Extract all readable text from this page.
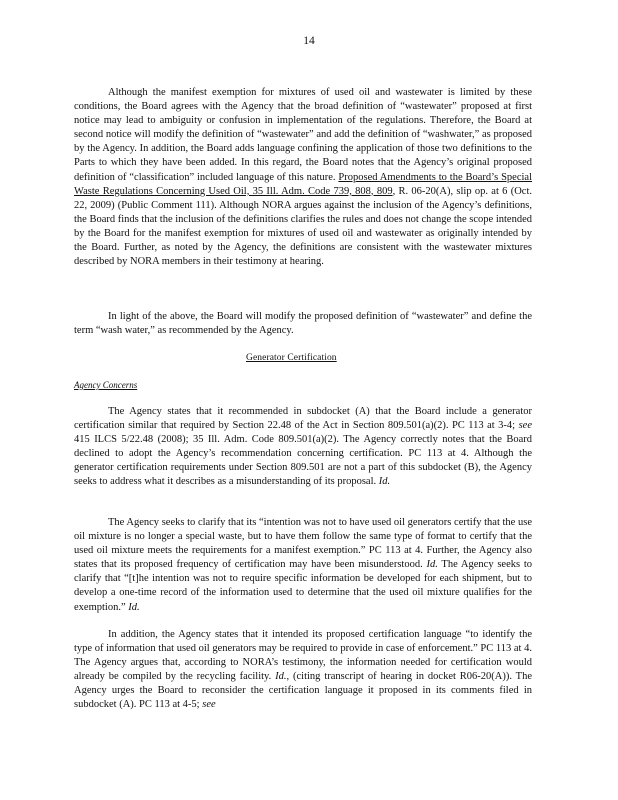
14
Although the manifest exemption for mixtures of used oil and wastewater is limited by these conditions, the Board agrees with the Agency that the broad definition of “wastewater” proposed at first notice may lead to ambiguity or confusion in implementation of the regulations. Therefore, the Board at second notice will modify the definition of “wastewater” and add the definition of “washwater,” as proposed by the Agency. In addition, the Board adds language confining the application of those two definitions to the Parts to which they have been added. In this regard, the Board notes that the Agency’s original proposed definition of “classification” included language of this nature. Proposed Amendments to the Board’s Special Waste Regulations Concerning Used Oil, 35 Ill. Adm. Code 739, 808, 809, R. 06-20(A), slip op. at 6 (Oct. 22, 2009) (Public Comment 111). Although NORA argues against the inclusion of the Agency’s definitions, the Board finds that the inclusion of the definitions clarifies the rules and does not change the scope intended by the Board for the manifest exemption for mixtures of used oil and wastewater as originally intended by the Board. Further, as noted by the Agency, the definitions are consistent with the wastewater mixtures described by NORA members in their testimony at hearing.
In light of the above, the Board will modify the proposed definition of “wastewater” and define the term “wash water,” as recommended by the Agency.
Generator Certification
Agency Concerns
The Agency states that it recommended in subdocket (A) that the Board include a generator certification similar that required by Section 22.48 of the Act in Section 809.501(a)(2). PC 113 at 3-4; see 415 ILCS 5/22.48 (2008); 35 Ill. Adm. Code 809.501(a)(2). The Agency correctly notes that the Board declined to adopt the Agency’s recommendation concerning certification. PC 113 at 4. Although the generator certification requirements under Section 809.501 are not a part of this subdocket (B), the Agency seeks to address what it describes as a misunderstanding of its proposal. Id.
The Agency seeks to clarify that its “intention was not to have used oil generators certify that the use oil mixture is no longer a special waste, but to have them follow the same type of format to certify that the used oil mixture meets the requirements for a manifest exemption.” PC 113 at 4. Further, the Agency also states that its proposed frequency of certification may have been misunderstood. Id. The Agency seeks to clarify that “[t]he intention was not to require specific information be developed for each shipment, but to develop a one-time record of the information used to determine that the used oil mixture qualifies for the exemption.” Id.
In addition, the Agency states that it intended its proposed certification language “to identify the type of information that used oil generators may be required to provide in case of enforcement.” PC 113 at 4. The Agency argues that, according to NORA’s testimony, the information needed for certification would already be compiled by the recycling facility. Id., (citing transcript of hearing in docket R06-20(A)). The Agency urges the Board to reconsider the certification language it proposed in its comments filed in subdocket (A). PC 113 at 4-5; see
